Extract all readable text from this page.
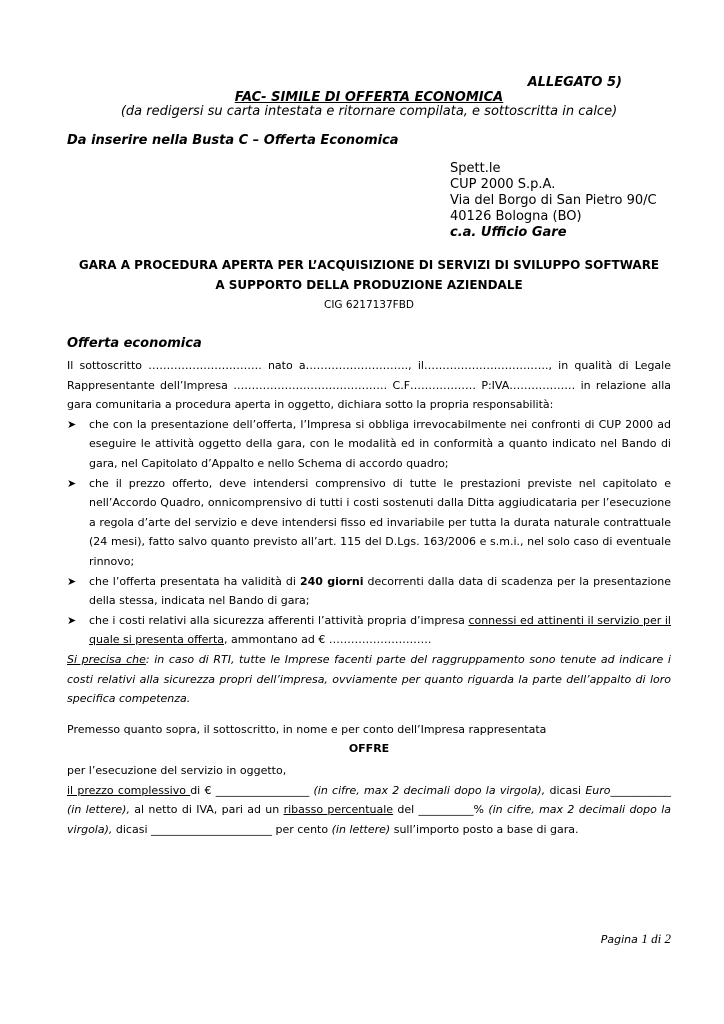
ALLEGATO 5)
FAC- SIMILE DI OFFERTA ECONOMICA
(da redigersi su carta intestata e ritornare compilata, e sottoscritta in calce)
Da inserire nella Busta C – Offerta Economica
Spett.le
CUP 2000 S.p.A.
Via del Borgo di San Pietro 90/C
40126 Bologna (BO)
c.a. Ufficio Gare
GARA A PROCEDURA APERTA PER L’ACQUISIZIONE DI SERVIZI DI SVILUPPO SOFTWARE
A SUPPORTO DELLA PRODUZIONE AZIENDALE
CIG 6217137FBD
Offerta economica

Il sottoscritto …………………………. nato a………………………., il……………………………., in qualità di Legale Rappresentante dell’Impresa …………………………………… C.F……………… P:IVA……………… in relazione alla gara comunitaria a procedura aperta in oggetto, dichiara sotto la propria responsabilità:

➤ che con la presentazione dell’offerta, l’Impresa si obbliga irrevocabilmente nei confronti di CUP 2000 ad eseguire le attività oggetto della gara, con le modalità ed in conformità a quanto indicato nel Bando di gara, nel Capitolato d’Appalto e nello Schema di accordo quadro;

➤ che il prezzo offerto, deve intendersi comprensivo di tutte le prestazioni previste nel capitolato e nell’Accordo Quadro, onnicomprensivo di tutti i costi sostenuti dalla Ditta aggiudicataria per l’esecuzione a regola d’arte del servizio e deve intendersi fisso ed invariabile per tutta la durata naturale contrattuale (24 mesi), fatto salvo quanto previsto all’art. 115 del D.Lgs. 163/2006 e s.m.i., nel solo caso di eventuale rinnovo;

➤ che l’offerta presentata ha validità di 240 giorni decorrenti dalla data di scadenza per la presentazione della stessa, indicata nel Bando di gara;

➤ che i costi relativi alla sicurezza afferenti l’attività propria d’impresa connessi ed attinenti il servizio per il quale si presenta offerta, ammontano ad € ……………………….

Si precisa che: in caso di RTI, tutte le Imprese facenti parte del raggruppamento sono tenute ad indicare i costi relativi alla sicurezza propri dell’impresa, ovviamente per quanto riguarda la parte dell’appalto di loro specifica competenza.

Premesso quanto sopra, il sottoscritto, in nome e per conto dell’Impresa rappresentata
OFFRE

per l’esecuzione del servizio in oggetto,

il prezzo complessivo di € _________________ (in cifre, max 2 decimali dopo la virgola), dicasi Euro___________ (in lettere), al netto di IVA, pari ad un ribasso percentuale del __________% (in cifre, max 2 decimali dopo la virgola), dicasi ______________________ per cento (in lettere) sull’importo posto a base di gara.

Pagina 1 di 2
